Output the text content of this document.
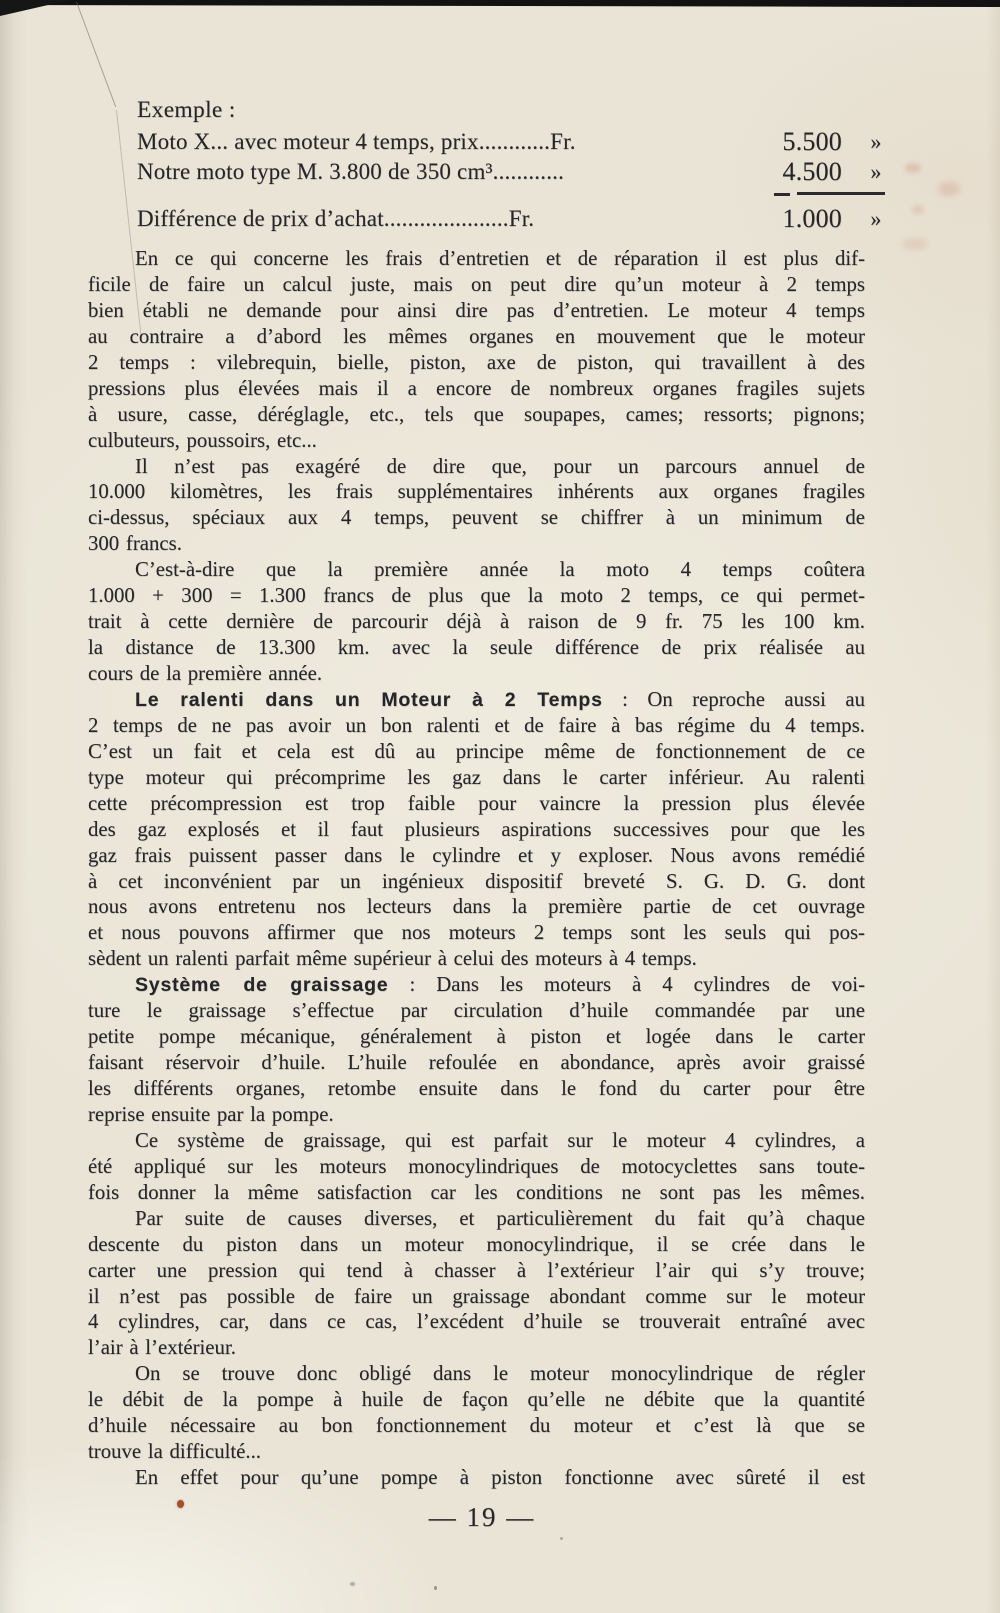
Exemple :
Moto X... avec moteur 4 temps, prix............Fr.	5.500	»
Notre moto type M. 3.800 de 350 cm³............	4.500	»
Différence de prix d’achat.....................Fr.	1.000	»
En ce qui concerne les frais d’entretien et de réparation il est plus dif-
ficile de faire un calcul juste, mais on peut dire qu’un moteur à 2 temps
bien établi ne demande pour ainsi dire pas d’entretien. Le moteur 4 temps
au contraire a d’abord les mêmes organes en mouvement que le moteur
2 temps : vilebrequin, bielle, piston, axe de piston, qui travaillent à des
pressions plus élevées mais il a encore de nombreux organes fragiles sujets
à usure, casse, déréglagle, etc., tels que soupapes, cames; ressorts; pignons;
culbuteurs, poussoirs, etc...
Il n’est pas exagéré de dire que, pour un parcours annuel de
10.000 kilomètres, les frais supplémentaires inhérents aux organes fragiles
ci-dessus, spéciaux aux 4 temps, peuvent se chiffrer à un minimum de
300 francs.
C’est-à-dire que la première année la moto 4 temps coûtera
1.000 + 300 = 1.300 francs de plus que la moto 2 temps, ce qui permet-
trait à cette dernière de parcourir déjà à raison de 9 fr. 75 les 100 km.
la distance de 13.300 km. avec la seule différence de prix réalisée au
cours de la première année.
Le ralenti dans un Moteur à 2 Temps : On reproche aussi au
2 temps de ne pas avoir un bon ralenti et de faire à bas régime du 4 temps.
C’est un fait et cela est dû au principe même de fonctionnement de ce
type moteur qui précomprime les gaz dans le carter inférieur. Au ralenti
cette précompression est trop faible pour vaincre la pression plus élevée
des gaz explosés et il faut plusieurs aspirations successives pour que les
gaz frais puissent passer dans le cylindre et y exploser. Nous avons remédié
à cet inconvénient par un ingénieux dispositif breveté S. G. D. G. dont
nous avons entretenu nos lecteurs dans la première partie de cet ouvrage
et nous pouvons affirmer que nos moteurs 2 temps sont les seuls qui pos-
sèdent un ralenti parfait même supérieur à celui des moteurs à 4 temps.
Système de graissage : Dans les moteurs à 4 cylindres de voi-
ture le graissage s’effectue par circulation d’huile commandée par une
petite pompe mécanique, généralement à piston et logée dans le carter
faisant réservoir d’huile. L’huile refoulée en abondance, après avoir graissé
les différents organes, retombe ensuite dans le fond du carter pour être
reprise ensuite par la pompe.
Ce système de graissage, qui est parfait sur le moteur 4 cylindres, a
été appliqué sur les moteurs monocylindriques de motocyclettes sans toute-
fois donner la même satisfaction car les conditions ne sont pas les mêmes.
Par suite de causes diverses, et particulièrement du fait qu’à chaque
descente du piston dans un moteur monocylindrique, il se crée dans le
carter une pression qui tend à chasser à l’extérieur l’air qui s’y trouve;
il n’est pas possible de faire un graissage abondant comme sur le moteur
4 cylindres, car, dans ce cas, l’excédent d’huile se trouverait entraîné avec
l’air à l’extérieur.
On se trouve donc obligé dans le moteur monocylindrique de régler
le débit de la pompe à huile de façon qu’elle ne débite que la quantité
d’huile nécessaire au bon fonctionnement du moteur et c’est là que se
trouve la difficulté...
En effet pour qu’une pompe à piston fonctionne avec sûreté il est
— 19 —
